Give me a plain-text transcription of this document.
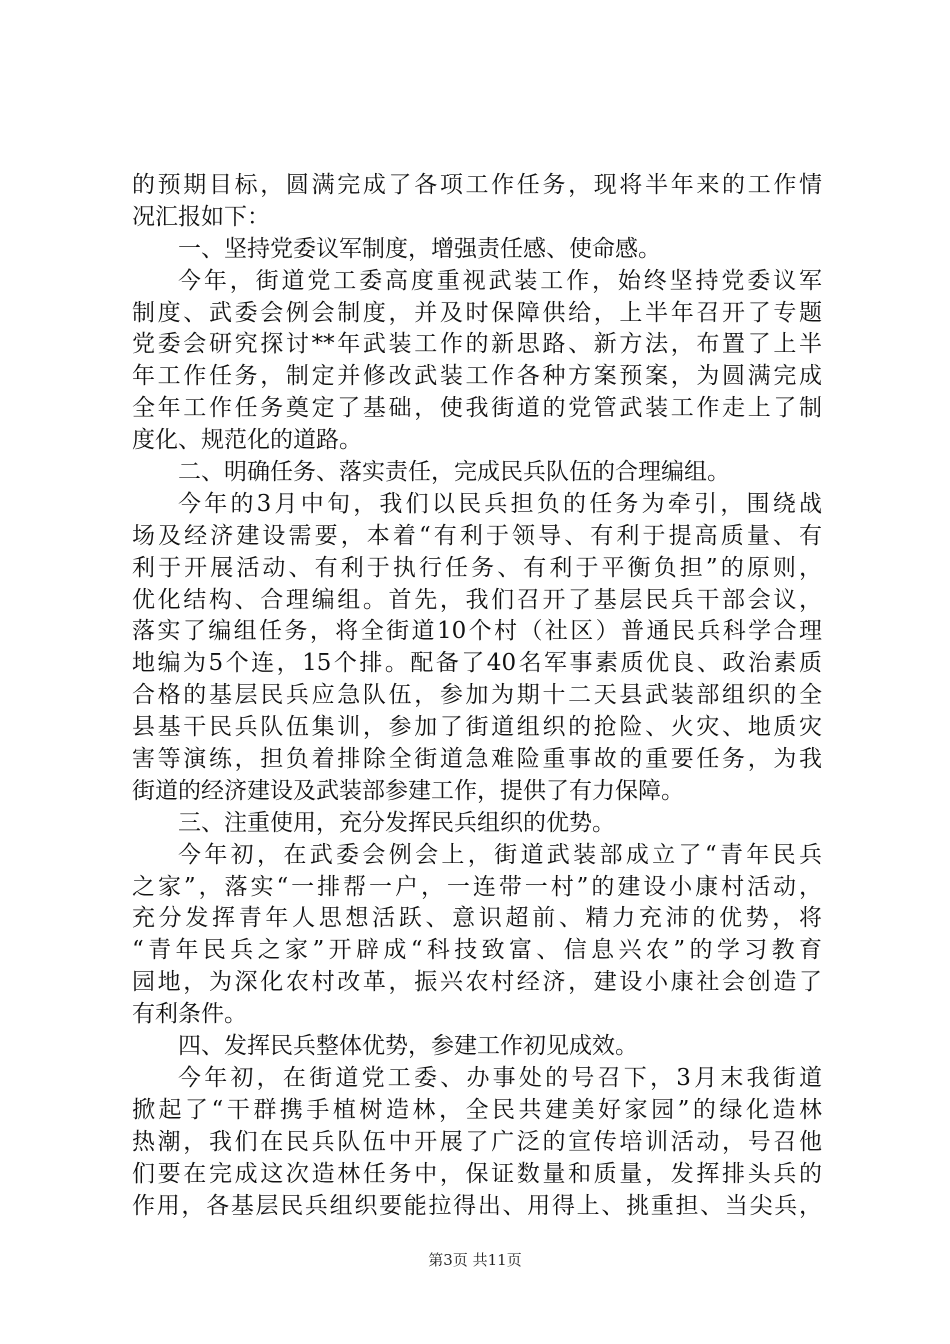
的预期目标，圆满完成了各项工作任务，现将半年来的工作情
况汇报如下：
一、坚持党委议军制度，增强责任感、使命感。
今年，街道党工委高度重视武装工作，始终坚持党委议军
制度、武委会例会制度，并及时保障供给，上半年召开了专题
党委会研究探讨**年武装工作的新思路、新方法，布置了上半
年工作任务，制定并修改武装工作各种方案预案，为圆满完成
全年工作任务奠定了基础，使我街道的党管武装工作走上了制
度化、规范化的道路。
二、明确任务、落实责任，完成民兵队伍的合理编组。
今年的3月中旬，我们以民兵担负的任务为牵引，围绕战
场及经济建设需要，本着“有利于领导、有利于提高质量、有
利于开展活动、有利于执行任务、有利于平衡负担”的原则，
优化结构、合理编组。首先，我们召开了基层民兵干部会议，
落实了编组任务，将全街道10个村（社区）普通民兵科学合理
地编为5个连，15个排。配备了40名军事素质优良、政治素质
合格的基层民兵应急队伍，参加为期十二天县武装部组织的全
县基干民兵队伍集训，参加了街道组织的抢险、火灾、地质灾
害等演练，担负着排除全街道急难险重事故的重要任务，为我
街道的经济建设及武装部参建工作，提供了有力保障。
三、注重使用，充分发挥民兵组织的优势。
今年初，在武委会例会上，街道武装部成立了“青年民兵
之家”，落实“一排帮一户，一连带一村”的建设小康村活动，
充分发挥青年人思想活跃、意识超前、精力充沛的优势，将
“青年民兵之家”开辟成“科技致富、信息兴农”的学习教育
园地，为深化农村改革，振兴农村经济，建设小康社会创造了
有利条件。
四、发挥民兵整体优势，参建工作初见成效。
今年初，在街道党工委、办事处的号召下，3月末我街道
掀起了“干群携手植树造林，全民共建美好家园”的绿化造林
热潮，我们在民兵队伍中开展了广泛的宣传培训活动，号召他
们要在完成这次造林任务中，保证数量和质量，发挥排头兵的
作用，各基层民兵组织要能拉得出、用得上、挑重担、当尖兵，
第3页 共11页
